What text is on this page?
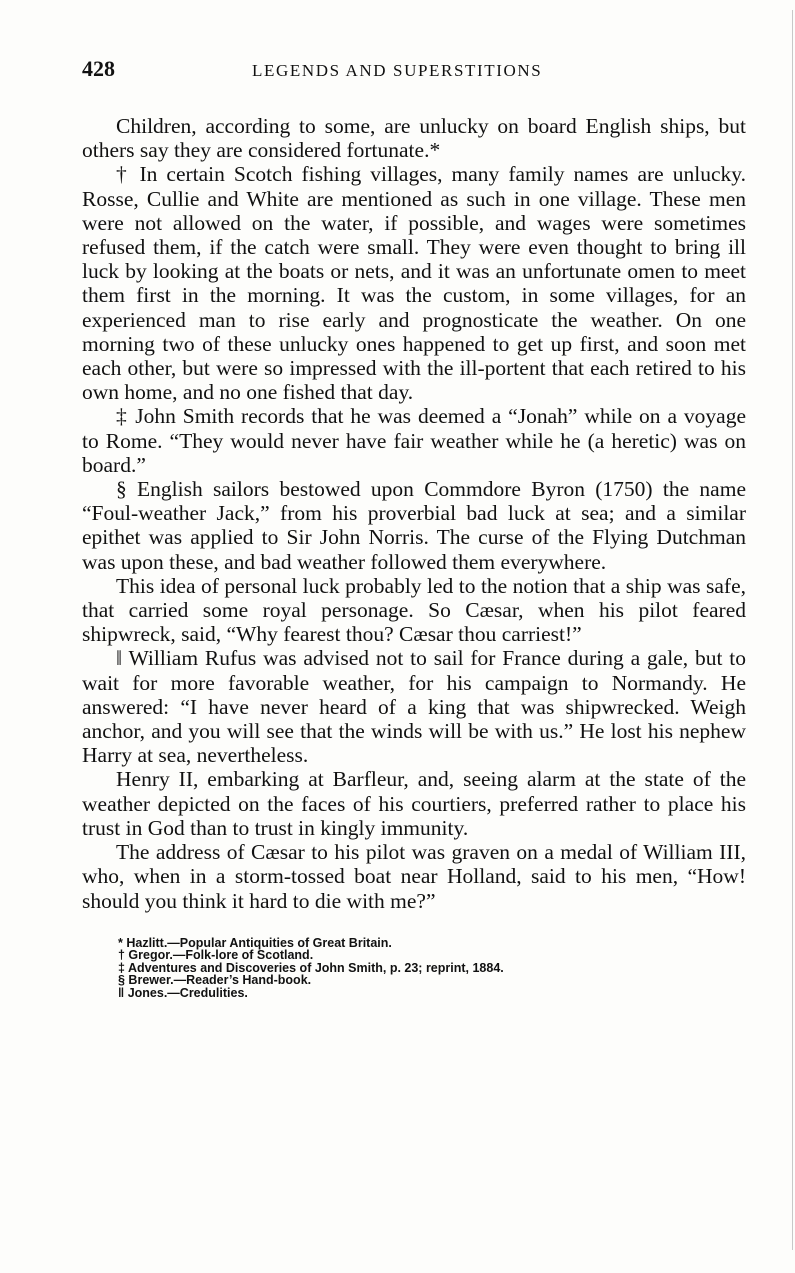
428	LEGENDS AND SUPERSTITIONS

Children, according to some, are unlucky on board English ships, but others say they are considered fortunate.*

† In certain Scotch fishing villages, many family names are unlucky. Rosse, Cullie and White are mentioned as such in one village. These men were not allowed on the water, if possible, and wages were sometimes refused them, if the catch were small. They were even thought to bring ill luck by looking at the boats or nets, and it was an unfortunate omen to meet them first in the morning. It was the custom, in some villages, for an experienced man to rise early and prognosticate the weather. On one morning two of these unlucky ones happened to get up first, and soon met each other, but were so impressed with the ill-portent that each retired to his own home, and no one fished that day.

‡ John Smith records that he was deemed a “Jonah” while on a voyage to Rome. “They would never have fair weather while he (a heretic) was on board.”

§ English sailors bestowed upon Commdore Byron (1750) the name “Foul-weather Jack,” from his proverbial bad luck at sea; and a similar epithet was applied to Sir John Norris. The curse of the Flying Dutchman was upon these, and bad weather followed them everywhere.

This idea of personal luck probably led to the notion that a ship was safe, that carried some royal personage. So Cæsar, when his pilot feared shipwreck, said, “Why fearest thou? Cæsar thou carriest!”

‖ William Rufus was advised not to sail for France during a gale, but to wait for more favorable weather, for his campaign to Normandy. He answered: “I have never heard of a king that was shipwrecked. Weigh anchor, and you will see that the winds will be with us.” He lost his nephew Harry at sea, nevertheless.

Henry II, embarking at Barfleur, and, seeing alarm at the state of the weather depicted on the faces of his courtiers, preferred rather to place his trust in God than to trust in kingly immunity.

The address of Cæsar to his pilot was graven on a medal of William III, who, when in a storm-tossed boat near Holland, said to his men, “How! should you think it hard to die with me?”

* Hazlitt.—Popular Antiquities of Great Britain.
† Gregor.—Folk-lore of Scotland.
‡ Adventures and Discoveries of John Smith, p. 23; reprint, 1884.
§ Brewer.—Reader’s Hand-book.
‖ Jones.—Credulities.
